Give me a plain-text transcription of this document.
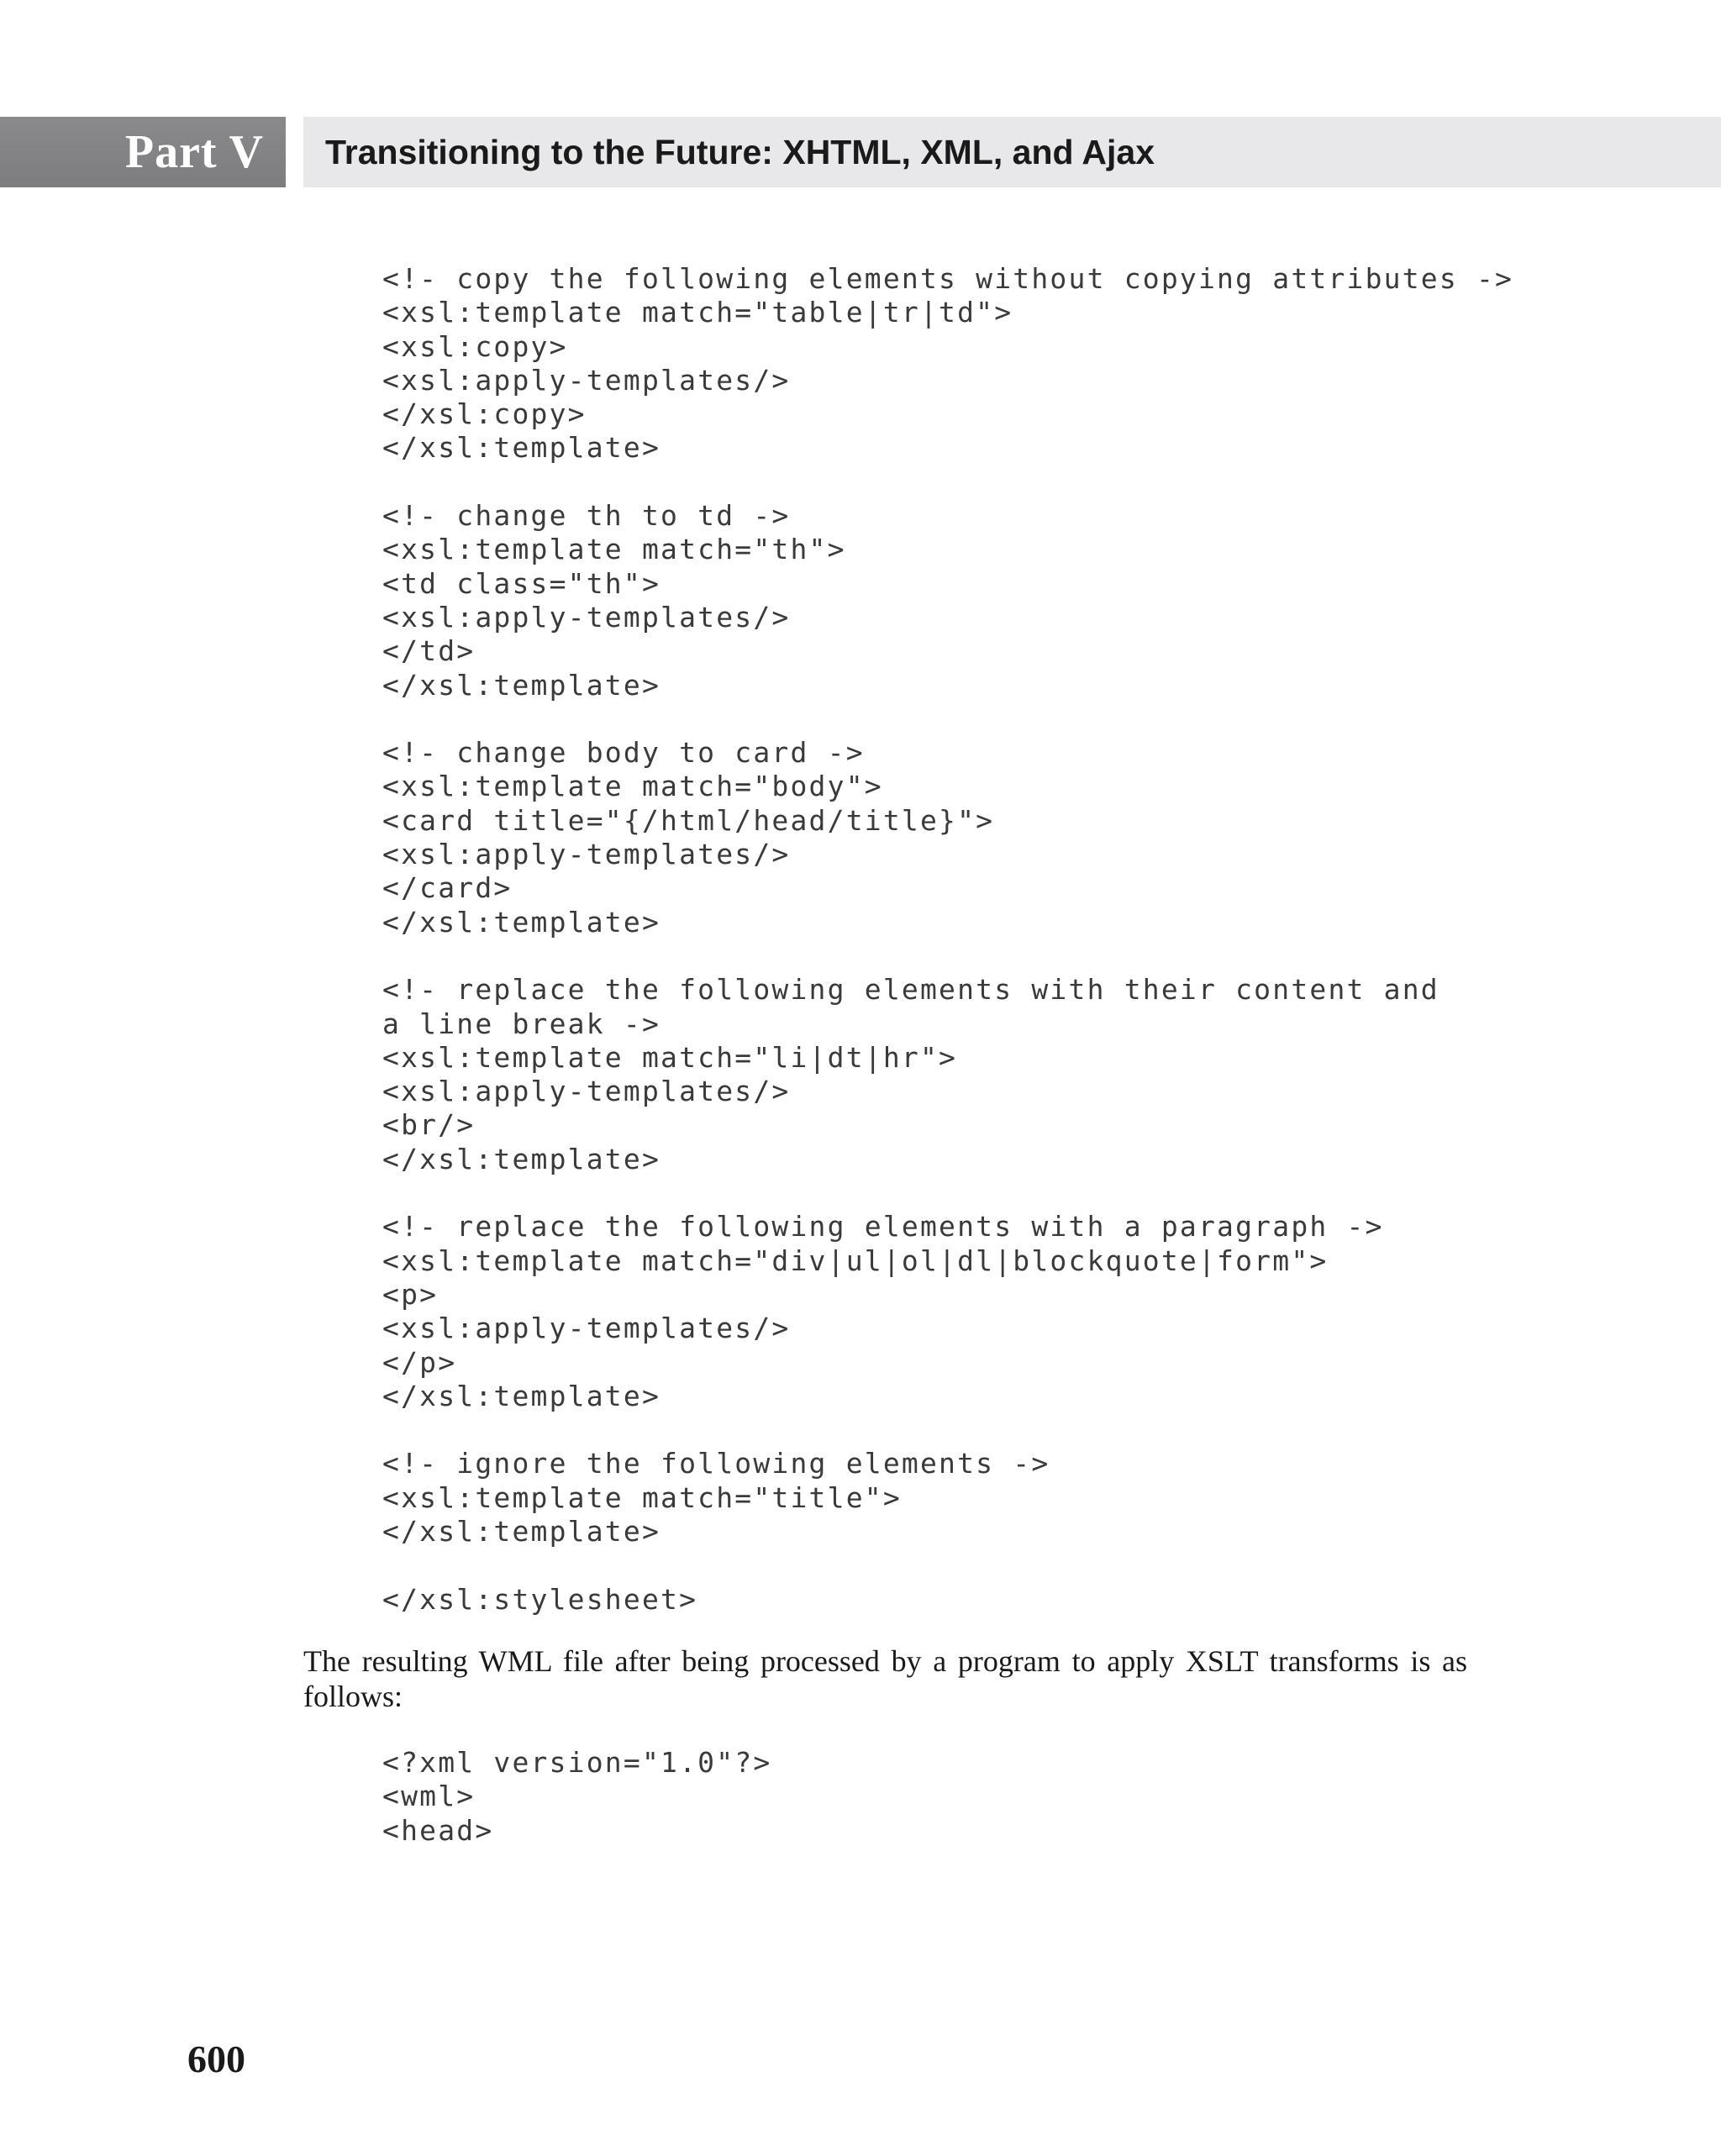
Part V Transitioning to the Future: XHTML, XML, and Ajax
<!- copy the following elements without copying attributes ->
<xsl:template match="table|tr|td">
<xsl:copy>
<xsl:apply-templates/>
</xsl:copy>
</xsl:template>
<!- change th to td ->
<xsl:template match="th">
<td class="th">
<xsl:apply-templates/>
</td>
</xsl:template>
<!- change body to card ->
<xsl:template match="body">
<card title="{/html/head/title}">
<xsl:apply-templates/>
</card>
</xsl:template>
<!- replace the following elements with their content and
a line break ->
<xsl:template match="li|dt|hr">
<xsl:apply-templates/>
<br/>
</xsl:template>
<!- replace the following elements with a paragraph ->
<xsl:template match="div|ul|ol|dl|blockquote|form">
<p>
<xsl:apply-templates/>
</p>
</xsl:template>
<!- ignore the following elements ->
<xsl:template match="title">
</xsl:template>
</xsl:stylesheet>

The resulting WML file after being processed by a program to apply XSLT transforms is as follows:

<?xml version="1.0"?>
<wml>
<head>
600
